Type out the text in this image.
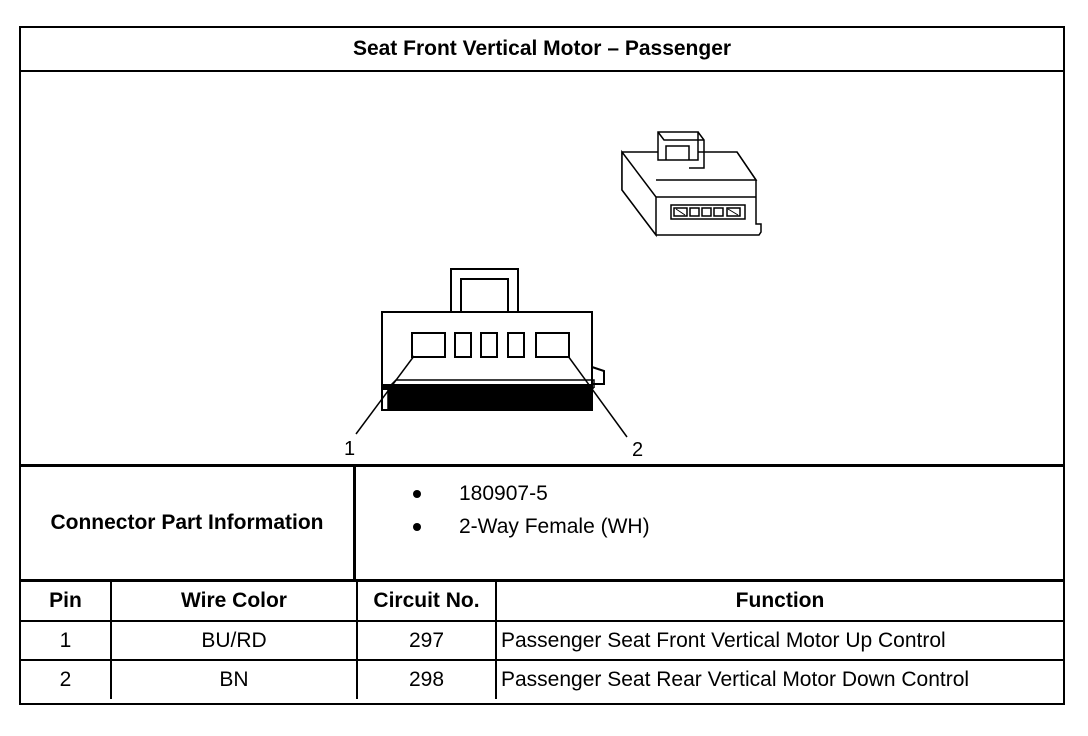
Seat Front Vertical Motor – Passenger
1	2
Connector Part Information
180907-5
2-Way Female (WH)
Pin	Wire Color	Circuit No.	Function
1	BU/RD	297	Passenger Seat Front Vertical Motor Up Control
2	BN	298	Passenger Seat Rear Vertical Motor Down Control
